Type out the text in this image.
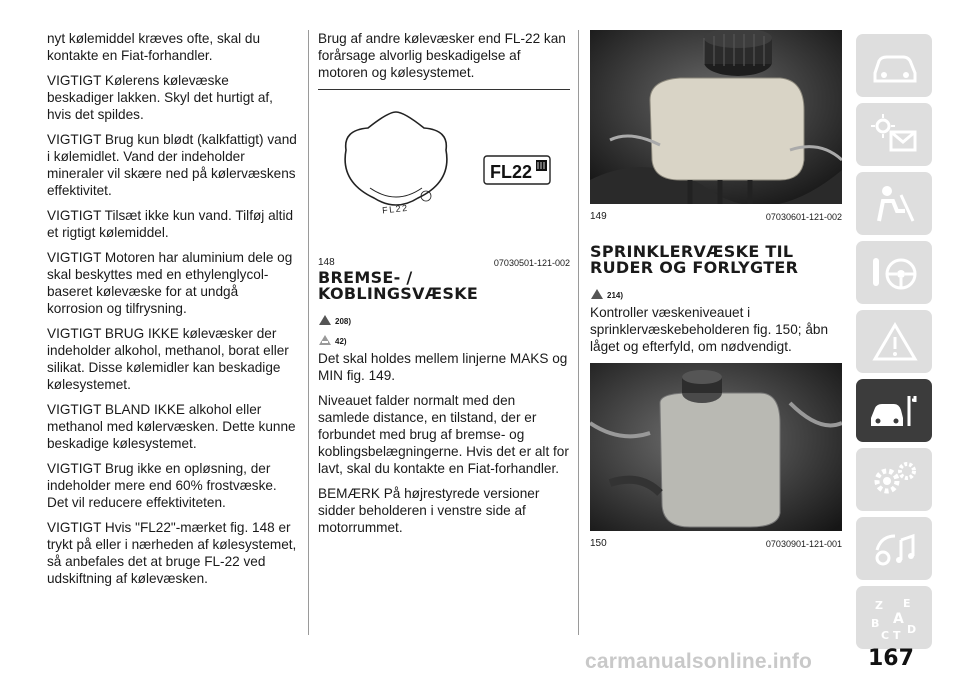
nyt kølemiddel kræves ofte, skal du kontakte en Fiat-forhandler.

VIGTIGT Kølerens kølevæske beskadiger lakken. Skyl det hurtigt af, hvis det spildes.

VIGTIGT Brug kun blødt (kalkfattigt) vand i kølemidlet. Vand der indeholder mineraler vil skære ned på kølervæskens effektivitet.

VIGTIGT Tilsæt ikke kun vand. Tilføj altid et rigtigt kølemiddel.

VIGTIGT Motoren har aluminium dele og skal beskyttes med en ethylenglycol-baseret kølevæske for at undgå korrosion og tilfrysning.

VIGTIGT BRUG IKKE kølevæsker der indeholder alkohol, methanol, borat eller silikat. Disse kølemidler kan beskadige kølesystemet.

VIGTIGT BLAND IKKE alkohol eller methanol med kølervæsken. Dette kunne beskadige kølesystemet.

VIGTIGT Brug ikke en opløsning, der indeholder mere end 60% frostvæske. Det vil reducere effektiviteten.

VIGTIGT Hvis "FL22"-mærket fig. 148 er trykt på eller i nærheden af kølesystemet, så anbefales det at bruge FL-22 ved udskiftning af kølevæsken.

Brug af andre kølevæsker end FL-22 kan forårsage alvorlig beskadigelse af motoren og kølesystemet.

FL22
FL22
148	07030501-121-002
BREMSE- / KOBLINGSVÆSKE
208)
42)

Det skal holdes mellem linjerne MAKS og MIN fig. 149.

Niveauet falder normalt med den samlede distance, en tilstand, der er forbundet med brug af bremse- og koblingsbelægningerne. Hvis det er alt for lavt, skal du kontakte en Fiat-forhandler.

BEMÆRK På højrestyrede versioner sidder beholderen i venstre side af motorrummet.

149	07030601-121-002
SPRINKLERVÆSKE TIL RUDER OG FORLYGTER
214)

Kontroller væskeniveauet i sprinklervæskebeholderen fig. 150; åbn låget og efterfyld, om nødvendigt.

150	07030901-121-001
Z E
A
B
C T D
carmanualsonline.info	167
